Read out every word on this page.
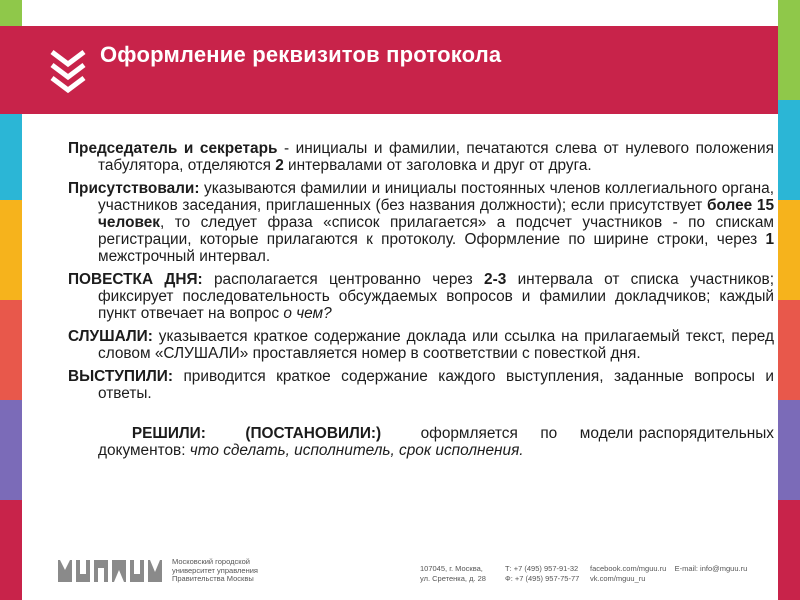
Оформление реквизитов протокола
Председатель и секретарь - инициалы и фамилии, печатаются слева от нулевого положения табулятора, отделяются 2 интервалами от заголовка и друг от друга.
Присутствовали: указываются фамилии и инициалы постоянных членов коллегиального органа, участников заседания, приглашенных (без названия должности); если присутствует более 15 человек, то следует фраза «список прилагается» а подсчет участников - по спискам регистрации, которые прилагаются к протоколу. Оформление по ширине строки, через 1 межстрочный интервал.
ПОВЕСТКА ДНЯ: располагается центрованно через 2-3 интервала от списка участников; фиксирует последовательность обсуждаемых вопросов и фамилии докладчиков; каждый пункт отвечает на вопрос о чем?
СЛУШАЛИ: указывается краткое содержание доклада или ссылка на прилагаемый текст, перед словом «СЛУШАЛИ» проставляется номер в соответствии с повесткой дня.
ВЫСТУПИЛИ: приводится краткое содержание каждого выступления, заданные вопросы и ответы.

РЕШИЛИ:       (ПОСТАНОВИЛИ:)       оформляется    по    модели распорядительных документов: что сделать, исполнитель, срок исполнения.

Московский городской
университет управления
Правительства Москвы
107045, г. Москва,
ул. Сретенка, д. 28
Т: +7 (495) 957-91-32
Ф: +7 (495) 957-75-77
facebook.com/mguu.ru    E-mail: info@mguu.ru
vk.com/mguu_ru
